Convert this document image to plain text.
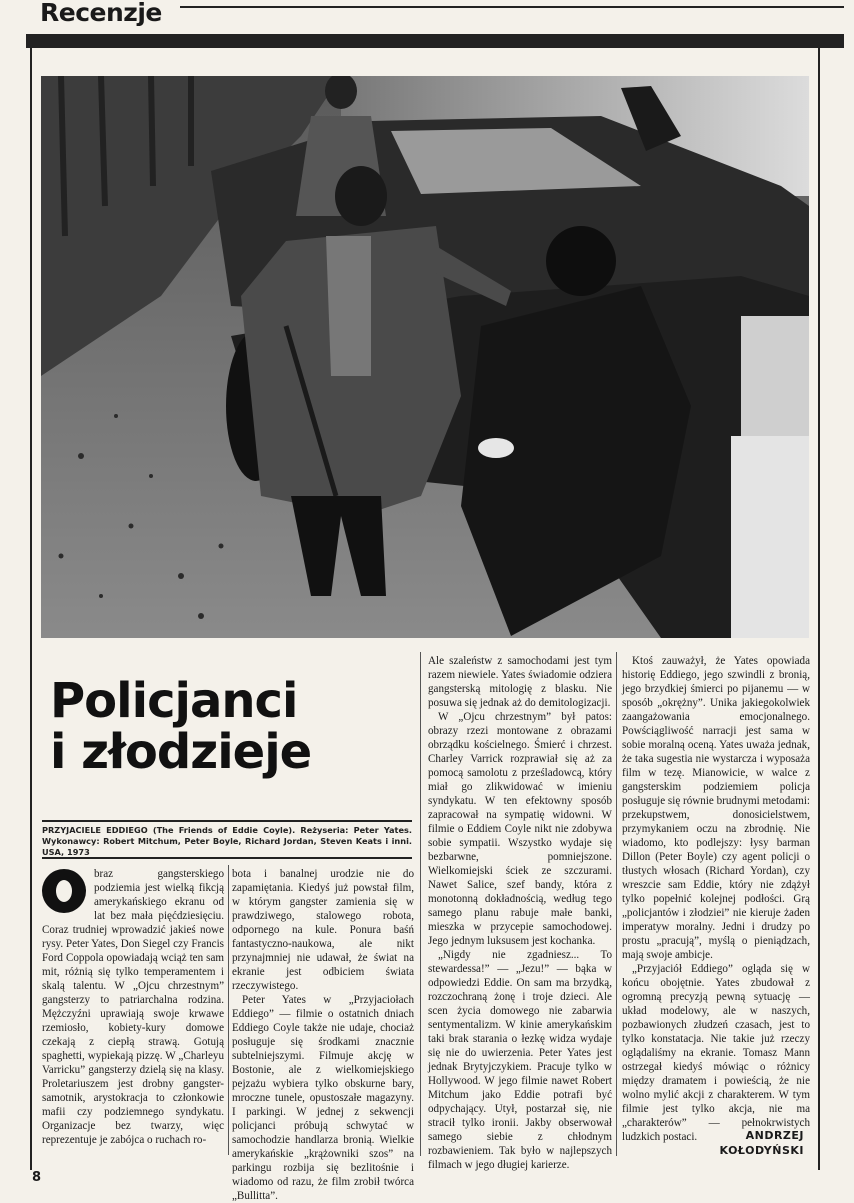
Recenzje
Policjanci
i złodzieje
PRZYJACIELE EDDIEGO (The Friends of Eddie Coyle). Reżyseria: Peter Yates. Wykonawcy: Robert Mitchum, Peter Boyle, Richard Jordan, Steven Keats i inni. USA, 1973

braz gangsterskiego podziemia jest wielką fikcją amerykańskiego ekranu od lat bez mała pięćdziesięciu. Coraz trudniej wprowadzić jakieś nowe rysy. Peter Yates, Don Siegel czy Francis Ford Coppola opowiadają wciąż ten sam mit, różnią się tylko temperamentem i skalą talentu. W „Ojcu chrzestnym” gangsterzy to patriarchalna rodzina. Mężczyźni uprawiają swoje krwawe rzemiosło, kobiety-kury domowe czekają z ciepłą strawą. Gotują spaghetti, wypiekają pizzę. W „Charleyu Varricku” gangsterzy dzielą się na klasy. Proletariuszem jest drobny gangster-samotnik, arystokracja to członkowie mafii czy podziemnego syndykatu. Organizacje bez twarzy, więc reprezentuje je zabójca o ruchach ro-

bota i banalnej urodzie nie do zapamiętania. Kiedyś już powstał film, w którym gangster zamienia się w prawdziwego, stalowego robota, odpornego na kule. Ponura baśń fantastyczno-naukowa, ale nikt przynajmniej nie udawał, że świat na ekranie jest odbiciem świata rzeczywistego.

Peter Yates w „Przyjaciołach Eddiego” — filmie o ostatnich dniach Eddiego Coyle także nie udaje, chociaż posługuje się środkami znacznie subtelniejszymi. Filmuje akcję w Bostonie, ale z wielkomiejskiego pejzażu wybiera tylko obskurne bary, mroczne tunele, opustoszałe magazyny. I parkingi. W jednej z sekwencji policjanci próbują schwytać w samochodzie handlarza bronią. Wielkie amerykańskie „krążowniki szos” na parkingu rozbija się bezlitośnie i wiadomo od razu, że film zrobił twórca „Bullitta”.

Ale szaleństw z samochodami jest tym razem niewiele. Yates świadomie odziera gangsterską mitologię z blasku. Nie posuwa się jednak aż do demitologizacji.

W „Ojcu chrzestnym” był patos: obrazy rzezi montowane z obrazami obrządku kościelnego. Śmierć i chrzest. Charley Varrick rozprawiał się aż za pomocą samolotu z prześladowcą, który miał go zlikwidować w imieniu syndykatu. W ten efektowny sposób zapracował na sympatię widowni. W filmie o Eddiem Coyle nikt nie zdobywa sobie sympatii. Wszystko wydaje się bezbarwne, pomniejszone. Wielkomiejski ściek ze szczurami. Nawet Salice, szef bandy, która z monotonną dokładnością, według tego samego planu rabuje małe banki, mieszka w przycepie samochodowej. Jego jednym luksusem jest kochanka.

„Nigdy nie zgadniesz... To stewardessa!” — „Jezu!” — bąka w odpowiedzi Eddie. On sam ma brzydką, rozczochraną żonę i troje dzieci. Ale scen życia domowego nie zabarwia sentymentalizm. W kinie amerykańskim taki brak starania o łezkę widza wydaje się nie do uwierzenia. Peter Yates jest jednak Brytyjczykiem. Pracuje tylko w Hollywood. W jego filmie nawet Robert Mitchum jako Eddie potrafi być odpychający. Utył, postarzał się, nie stracił tylko ironii. Jakby obserwował samego siebie z chłodnym rozbawieniem. Tak było w najlepszych filmach w jego długiej karierze.

Ktoś zauważył, że Yates opowiada historię Eddiego, jego szwindli z bronią, jego brzydkiej śmierci po pijanemu — w sposób „okrężny”. Unika jakiegokolwiek zaangażowania emocjonalnego. Powściągliwość narracji jest sama w sobie moralną oceną. Yates uważa jednak, że taka sugestia nie wystarcza i wyposaża film w tezę. Mianowicie, w walce z gangsterskim podziemiem policja posługuje się równie brudnymi metodami: przekupstwem, donosicielstwem, przymykaniem oczu na zbrodnię. Nie wiadomo, kto podlejszy: łysy barman Dillon (Peter Boyle) czy agent policji o tłustych włosach (Richard Yordan), czy wreszcie sam Eddie, który nie zdążył tylko popełnić kolejnej podłości. Grą „policjantów i złodziei” nie kieruje żaden imperatyw moralny. Jedni i drudzy po prostu „pracują”, myślą o pieniądzach, mają swoje ambicje.

„Przyjaciół Eddiego” ogląda się w końcu obojętnie. Yates zbudował z ogromną precyzją pewną sytuację — układ modelowy, ale w naszych, pozbawionych złudzeń czasach, jest to tylko konstatacja. Nie takie już rzeczy oglądaliśmy na ekranie. Tomasz Mann ostrzegał kiedyś mówiąc o różnicy między dramatem i powieścią, że nie wolno mylić akcji z charakterem. W tym filmie jest tylko akcja, nie ma „charakterów” — pełnokrwistych ludzkich postaci.	ANDRZEJ
KOŁODYŃSKI
8
